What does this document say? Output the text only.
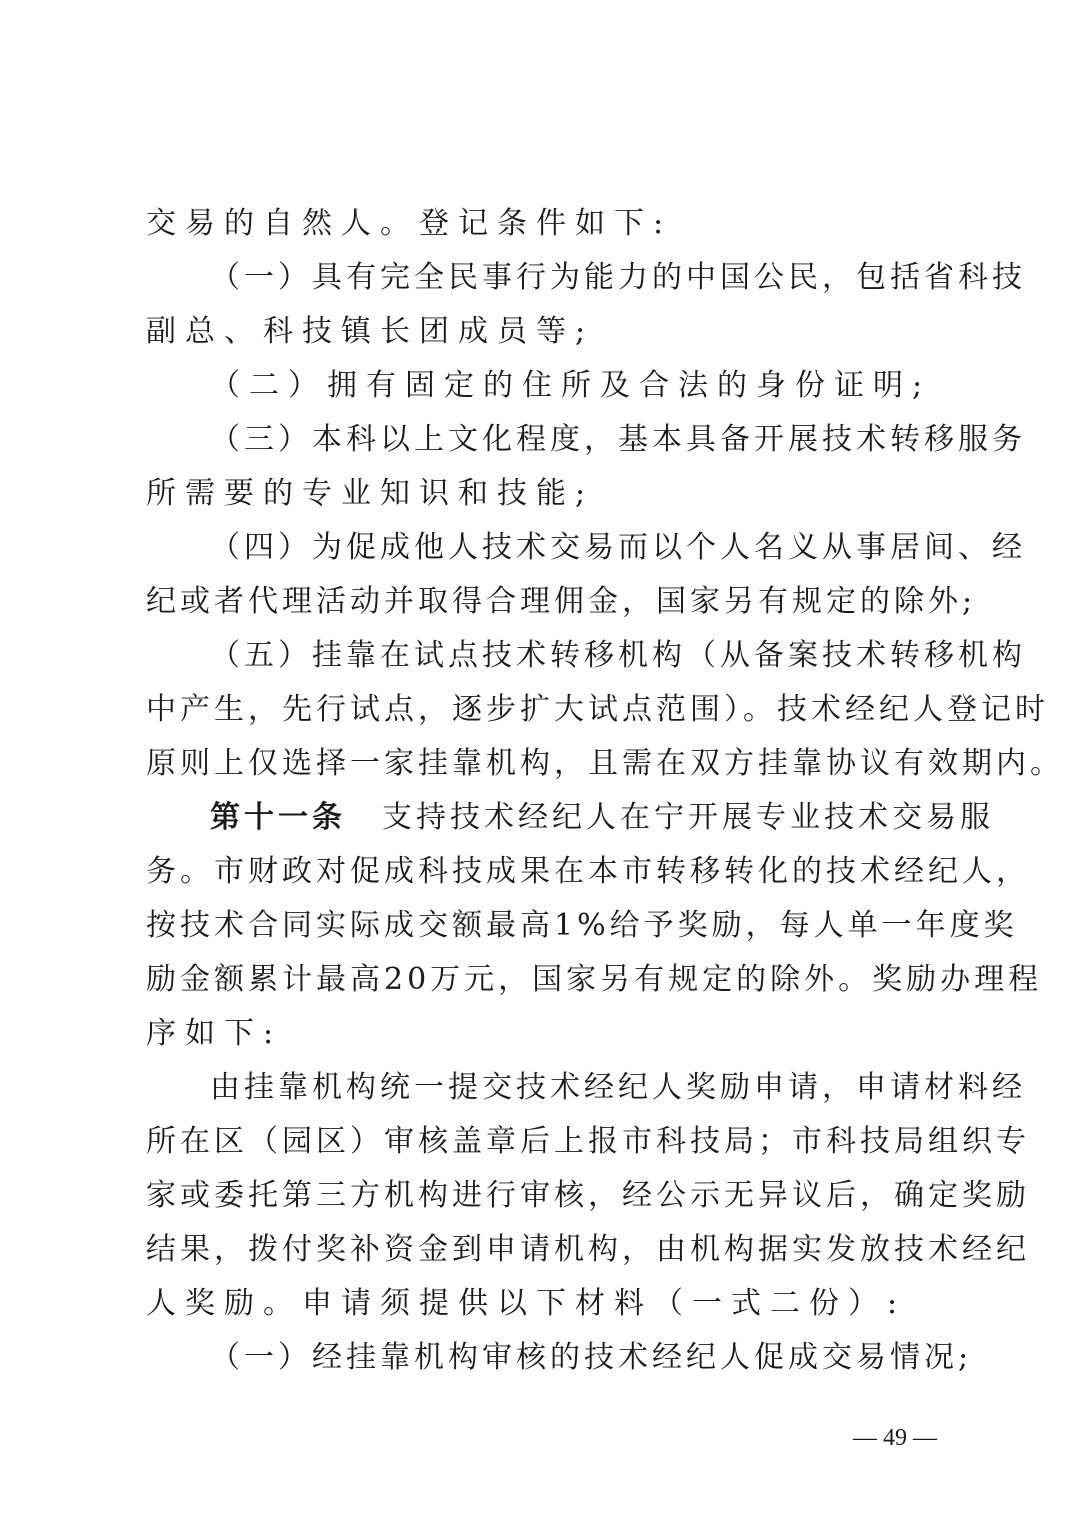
交易的自然人。登记条件如下:
（一）具有完全民事行为能力的中国公民，包括省科技
副总、科技镇长团成员等;
（二）拥有固定的住所及合法的身份证明;
（三）本科以上文化程度，基本具备开展技术转移服务
所需要的专业知识和技能;
（四）为促成他人技术交易而以个人名义从事居间、经
纪或者代理活动并取得合理佣金，国家另有规定的除外;
（五）挂靠在试点技术转移机构（从备案技术转移机构
中产生，先行试点，逐步扩大试点范围）。技术经纪人登记时
原则上仅选择一家挂靠机构，且需在双方挂靠协议有效期内。
第十一条 支持技术经纪人在宁开展专业技术交易服
务。市财政对促成科技成果在本市转移转化的技术经纪人，
按技术合同实际成交额最高1%给予奖励，每人单一年度奖
励金额累计最高20万元，国家另有规定的除外。奖励办理程
序如下:
由挂靠机构统一提交技术经纪人奖励申请，申请材料经
所在区（园区）审核盖章后上报市科技局；市科技局组织专
家或委托第三方机构进行审核，经公示无异议后，确定奖励
结果，拨付奖补资金到申请机构，由机构据实发放技术经纪
人奖励。申请须提供以下材料（一式二份）:
（一）经挂靠机构审核的技术经纪人促成交易情况;
— 49 —
